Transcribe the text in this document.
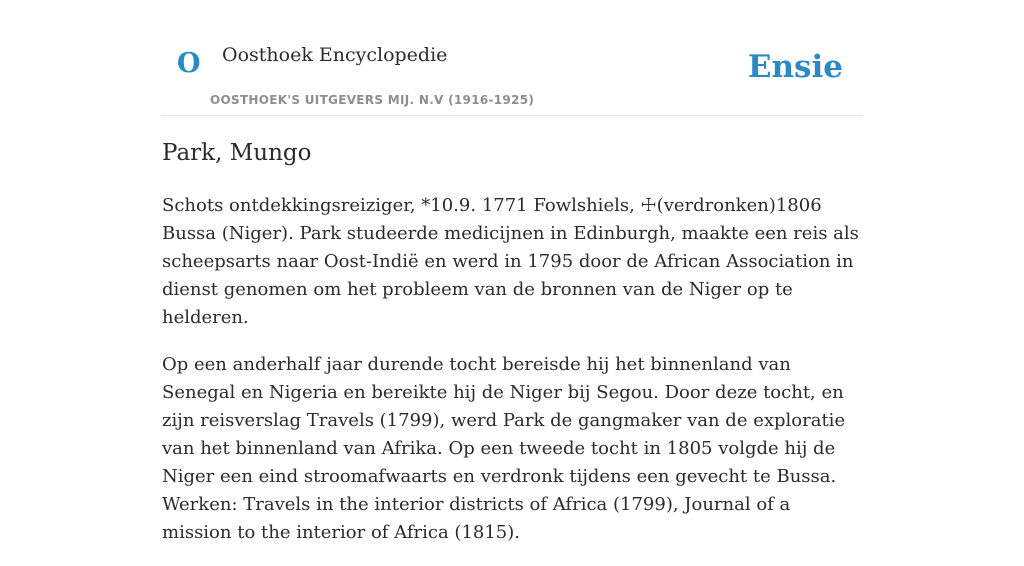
O Oosthoek Encyclopedie
OOSTHOEK'S UITGEVERS MIJ. N.V (1916-1925)
Ensie
Park, Mungo

Schots ontdekkingsreiziger, *10.9. 1771 Fowlshiels, ☩(verdronken)1806 Bussa (Niger). Park studeerde medicijnen in Edinburgh, maakte een reis als scheepsarts naar Oost-Indië en werd in 1795 door de African Association in dienst genomen om het probleem van de bronnen van de Niger op te helderen.

Op een anderhalf jaar durende tocht bereisde hij het binnenland van Senegal en Nigeria en bereikte hij de Niger bij Segou. Door deze tocht, en zijn reisverslag Travels (1799), werd Park de gangmaker van de exploratie van het binnenland van Afrika. Op een tweede tocht in 1805 volgde hij de Niger een eind stroomafwaarts en verdronk tijdens een gevecht te Bussa. Werken: Travels in the interior districts of Africa (1799), Journal of a mission to the interior of Africa (1815).
